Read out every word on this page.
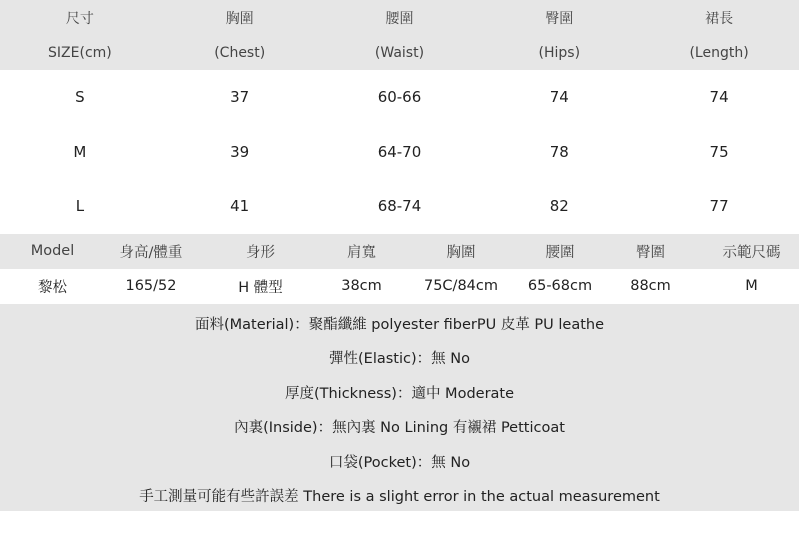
尺寸	胸圍	腰圍	臀圍	裙長
SIZE(cm)	(Chest)	(Waist)	(Hips)	(Length)
S	37	60-66	74	74
M	39	64-70	78	75
L	41	68-74	82	77
Model	身高/體重	身形	肩寬	胸圍	腰圍	臀圍	示範尺碼
黎松	165/52	H 體型	38cm	75C/84cm	65-68cm	88cm	M
面料(Material)：聚酯纖維 polyester fiberPU 皮革 PU leathe
彈性(Elastic)：無 No
厚度(Thickness)：適中 Moderate
內裏(Inside)：無內裏 No Lining 有襯裙 Petticoat
口袋(Pocket)：無 No
手工測量可能有些許誤差 There is a slight error in the actual measurement
